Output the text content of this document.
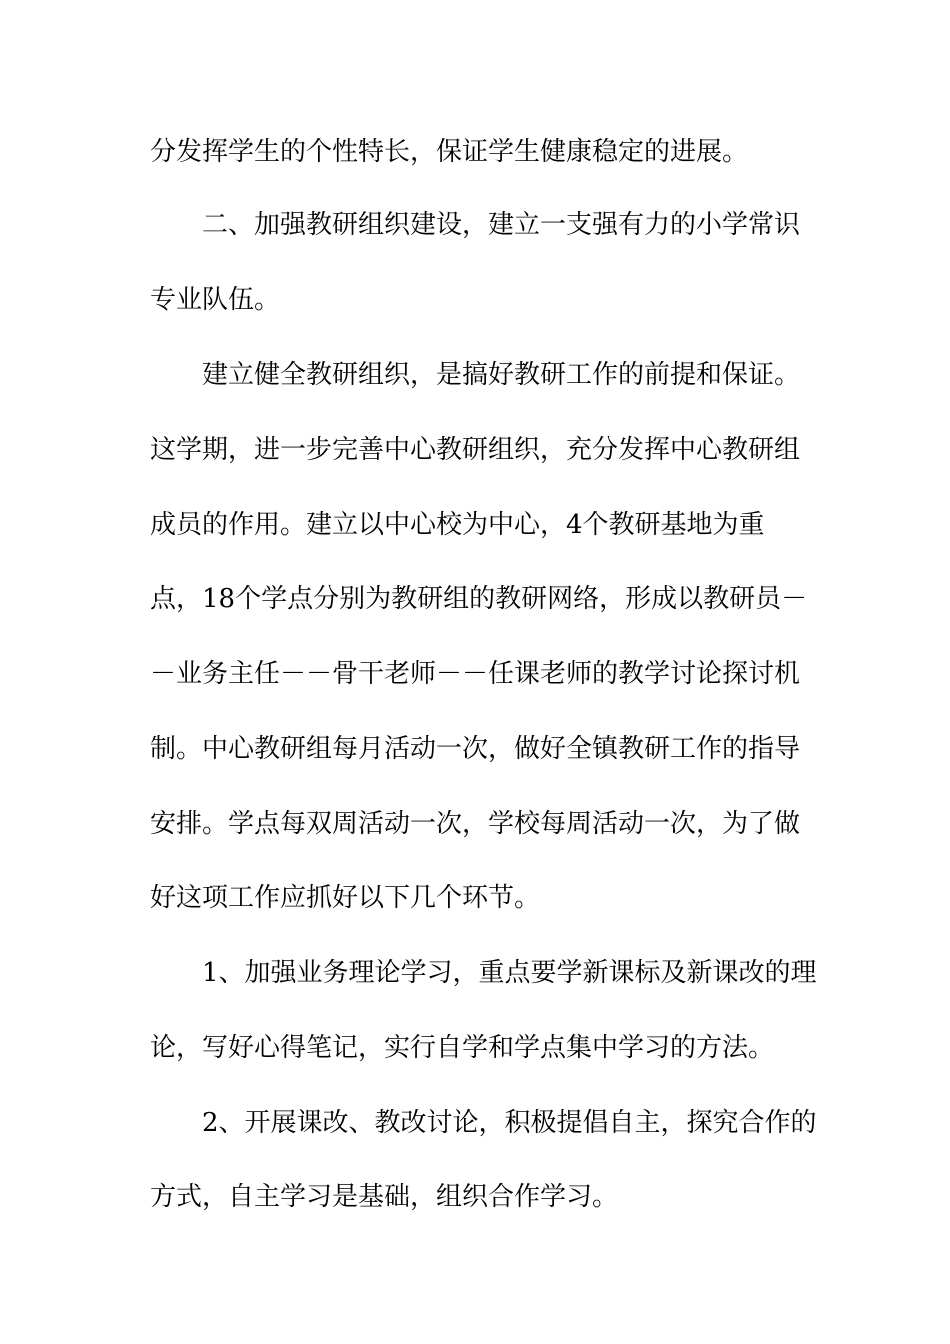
分发挥学生的个性特长，保证学生健康稳定的进展。
二、加强教研组织建设，建立一支强有力的小学常识
专业队伍。
建立健全教研组织，是搞好教研工作的前提和保证。
这学期，进一步完善中心教研组织，充分发挥中心教研组
成员的作用。建立以中心校为中心，4个教研基地为重
点，18个学点分别为教研组的教研网络，形成以教研员－
－业务主任－－骨干老师－－任课老师的教学讨论探讨机
制。中心教研组每月活动一次，做好全镇教研工作的指导
安排。学点每双周活动一次，学校每周活动一次，为了做
好这项工作应抓好以下几个环节。
1、加强业务理论学习，重点要学新课标及新课改的理
论，写好心得笔记，实行自学和学点集中学习的方法。
2、开展课改、教改讨论，积极提倡自主，探究合作的
方式，自主学习是基础，组织合作学习。
